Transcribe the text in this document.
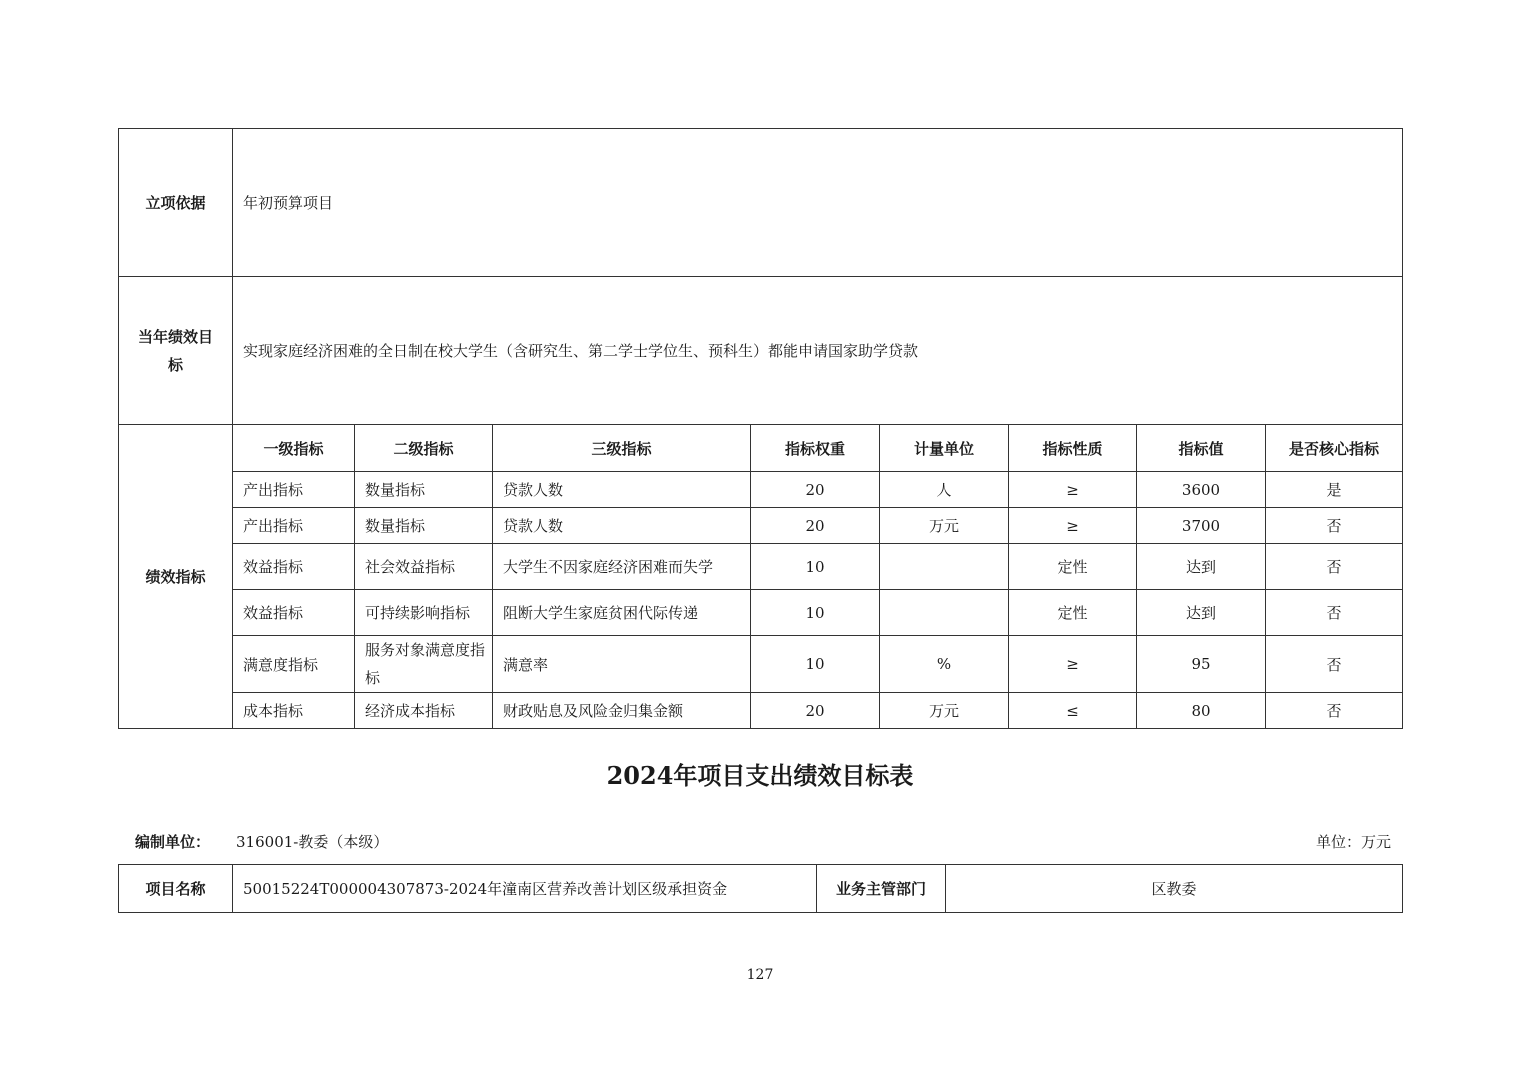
立项依据	年初预算项目							
当年绩效目
标	实现家庭经济困难的全日制在校大学生（含研究生、第二学士学位生、预科生）都能申请国家助学贷款							
绩效指标	一级指标	二级指标	三级指标	指标权重	计量单位	指标性质	指标值	是否核心指标
	产出指标	数量指标	贷款人数	20	人	≥	3600	是
	产出指标	数量指标	贷款人数	20	万元	≥	3700	否
	效益指标	社会效益指标	大学生不因家庭经济困难而失学	10		定性	达到	否
	效益指标	可持续影响指标	阻断大学生家庭贫困代际传递	10		定性	达到	否
	满意度指标	服务对象满意度指标	满意率	10	%	≥	95	否
	成本指标	经济成本指标	财政贴息及风险金归集金额	20	万元	≤	80	否
2024年项目支出绩效目标表
编制单位： 316001-教委（本级）	单位：万元
项目名称	50015224T000004307873-2024年潼南区营养改善计划区级承担资金	业务主管部门	区教委
127
